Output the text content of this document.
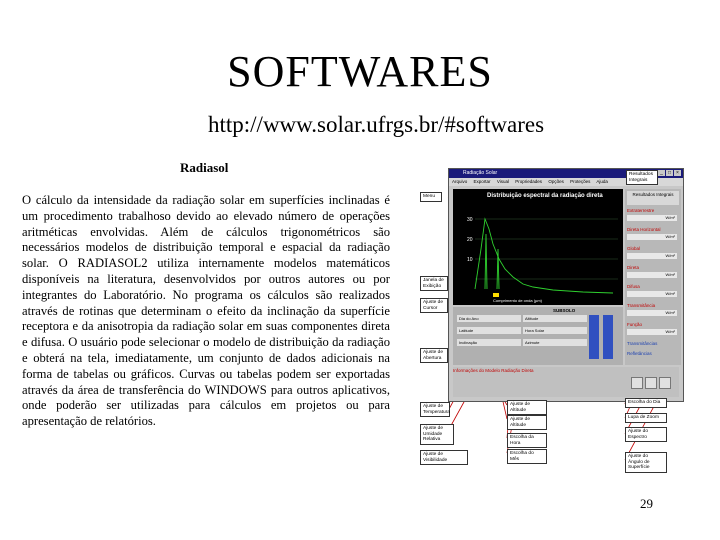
SOFTWARES
http://www.solar.ufrgs.br/#softwares
Radiasol
O cálculo da intensidade da radiação solar em superfícies inclinadas é um procedimento trabalhoso devido ao elevado número de operações aritméticas envolvidas. Além de cálculos trigonométricos são necessários modelos de distribuição temporal e espacial da radiação solar. O RADIASOL2 utiliza internamente modelos matemáticos disponíveis na literatura, desenvolvidos por outros autores ou por integrantes do Laboratório. No programa os cálculos são realizados através de rotinas que determinam o efeito da inclinação da superfície receptora e da anisotropia da radiação solar em suas componentes direta e difusa. O usuário pode selecionar o modelo de distribuição da radiação e obterá na tela, imediatamente, um conjunto de dados adicionais na forma de tabelas ou gráficos. Curvas ou tabelas podem ser exportadas através da área de transferência do WINDOWS para outros aplicativos, onde poderão ser utilizadas para cálculos em projetos ou para apresentação de relatórios.
Radiação Solar	_ □ ×
Arquivo Exportar Visual Propriedades Opções Proteções Ajuda
Distribuição espectral da radiação direta
30
20
10
Comprimento de onda (µm)
Resultados Integrais
Extraterrestre
W/m²
Direta Horizontal
W/m²
Global
W/m²
Direta
W/m²
Difusa
W/m²
Transmitância
W/m²
Função
W/m²
Transmitâncias
Refletâncias
SUBSOLO
Dia do Ano	Altitude
Latitude	Hora Solar
Inclinação	Azimute
Informações do Modelo Radiação Direta
Menu
Resultados Integrais
Janela de Exibição
Ajuste de Cursor
Ajuste de Abertura
Ajuste de Temperatura
Ajuste de Umidade Relativa
Ajuste de Visibilidade
Ajuste de Altitude
Ajuste de Altitude
Escolha da Hora
Escolha do Mês
Escolha do Dia
Lupa de Zoom
Ajuste do Espectro
Ajuste do Ângulo de Superfície
29
